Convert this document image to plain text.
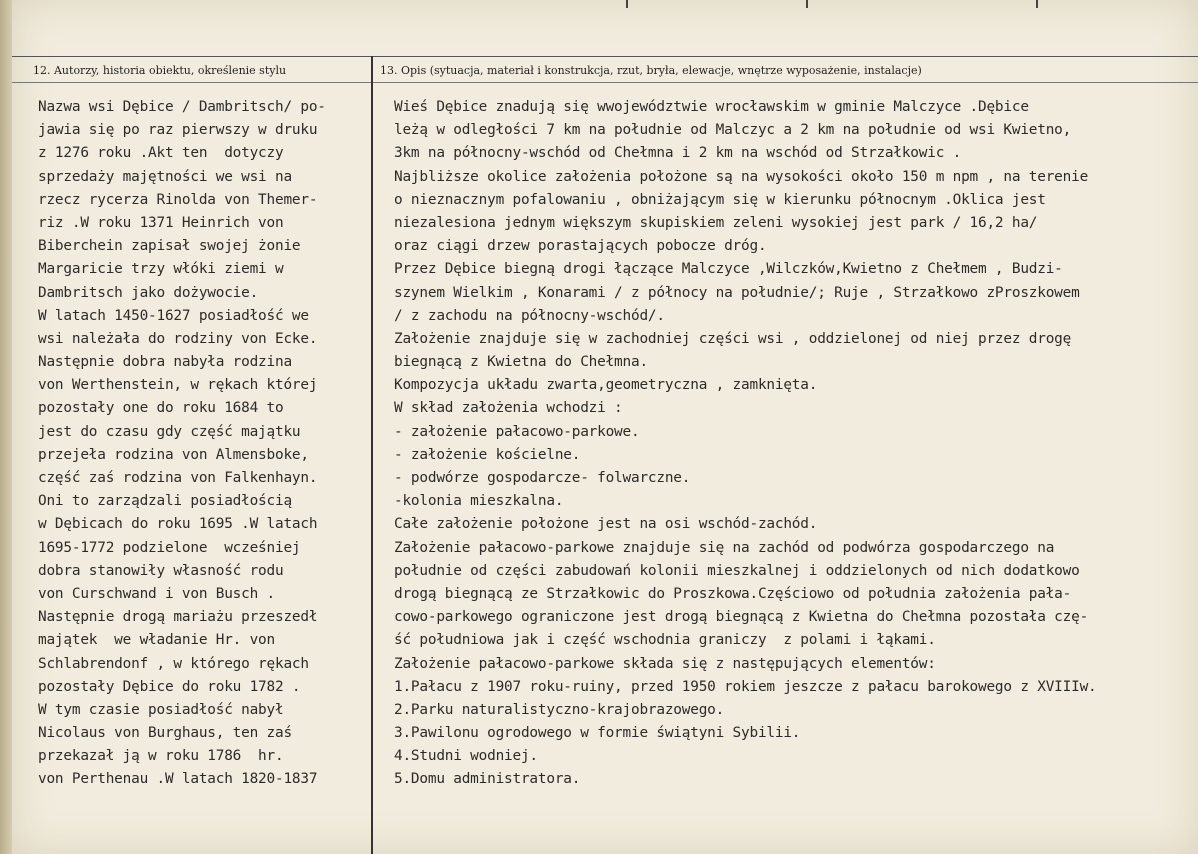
12. Autorzy, historia obiektu, określenie stylu	13. Opis (sytuacja, materiał i konstrukcja, rzut, bryła, elewacje, wnętrze wyposażenie, instalacje)
Nazwa wsi Dębice / Dambritsch/ po-
jawia się po raz pierwszy w druku
z 1276 roku .Akt ten  dotyczy
sprzedaży majętności we wsi na
rzecz rycerza Rinolda von Themer-
riz .W roku 1371 Heinrich von
Biberchein zapisał swojej żonie
Margaricie trzy włóki ziemi w
Dambritsch jako dożywocie.
W latach 1450-1627 posiadłość we
wsi należała do rodziny von Ecke.
Następnie dobra nabyła rodzina
von Werthenstein, w rękach której
pozostały one do roku 1684 to
jest do czasu gdy część majątku
przejeła rodzina von Almensboke,
część zaś rodzina von Falkenhayn.
Oni to zarządzali posiadłością
w Dębicach do roku 1695 .W latach
1695-1772 podzielone  wcześniej
dobra stanowiły własność rodu
von Curschwand i von Busch .
Następnie drogą mariażu przeszedł
majątek  we władanie Hr. von
Schlabrendonf , w którego rękach
pozostały Dębice do roku 1782 .
W tym czasie posiadłość nabył
Nicolaus von Burghaus, ten zaś
przekazał ją w roku 1786  hr.
von Perthenau .W latach 1820-1837
Wieś Dębice znadują się wwojewództwie wrocławskim w gminie Malczyce .Dębice
leżą w odległości 7 km na południe od Malczyc a 2 km na południe od wsi Kwietno,
3km na północny-wschód od Chełmna i 2 km na wschód od Strzałkowic .
Najbliższe okolice założenia położone są na wysokości około 150 m npm , na terenie
o nieznacznym pofalowaniu , obniżającym się w kierunku północnym .Oklica jest
niezalesiona jednym większym skupiskiem zeleni wysokiej jest park / 16,2 ha/
oraz ciągi drzew porastających pobocze dróg.
Przez Dębice biegną drogi łączące Malczyce ,Wilczków,Kwietno z Chełmem , Budzi-
szynem Wielkim , Konarami / z północy na południe/; Ruje , Strzałkowo zProszkowem
/ z zachodu na północny-wschód/.
Założenie znajduje się w zachodniej części wsi , oddzielonej od niej przez drogę
biegnącą z Kwietna do Chełmna.
Kompozycja układu zwarta,geometryczna , zamknięta.
W skład założenia wchodzi :
- założenie pałacowo-parkowe.
- założenie kościelne.
- podwórze gospodarcze- folwarczne.
-kolonia mieszkalna.
Całe założenie położone jest na osi wschód-zachód.
Założenie pałacowo-parkowe znajduje się na zachód od podwórza gospodarczego na
południe od części zabudowań kolonii mieszkalnej i oddzielonych od nich dodatkowo
drogą biegnącą ze Strzałkowic do Proszkowa.Częściowo od południa założenia pała-
cowo-parkowego ograniczone jest drogą biegnącą z Kwietna do Chełmna pozostała czę-
ść południowa jak i część wschodnia graniczy  z polami i łąkami.
Założenie pałacowo-parkowe składa się z następujących elementów:
1.Pałacu z 1907 roku-ruiny, przed 1950 rokiem jeszcze z pałacu barokowego z XVIIIw.
2.Parku naturalistyczno-krajobrazowego.
3.Pawilonu ogrodowego w formie świątyni Sybilii.
4.Studni wodniej.
5.Domu administratora.
